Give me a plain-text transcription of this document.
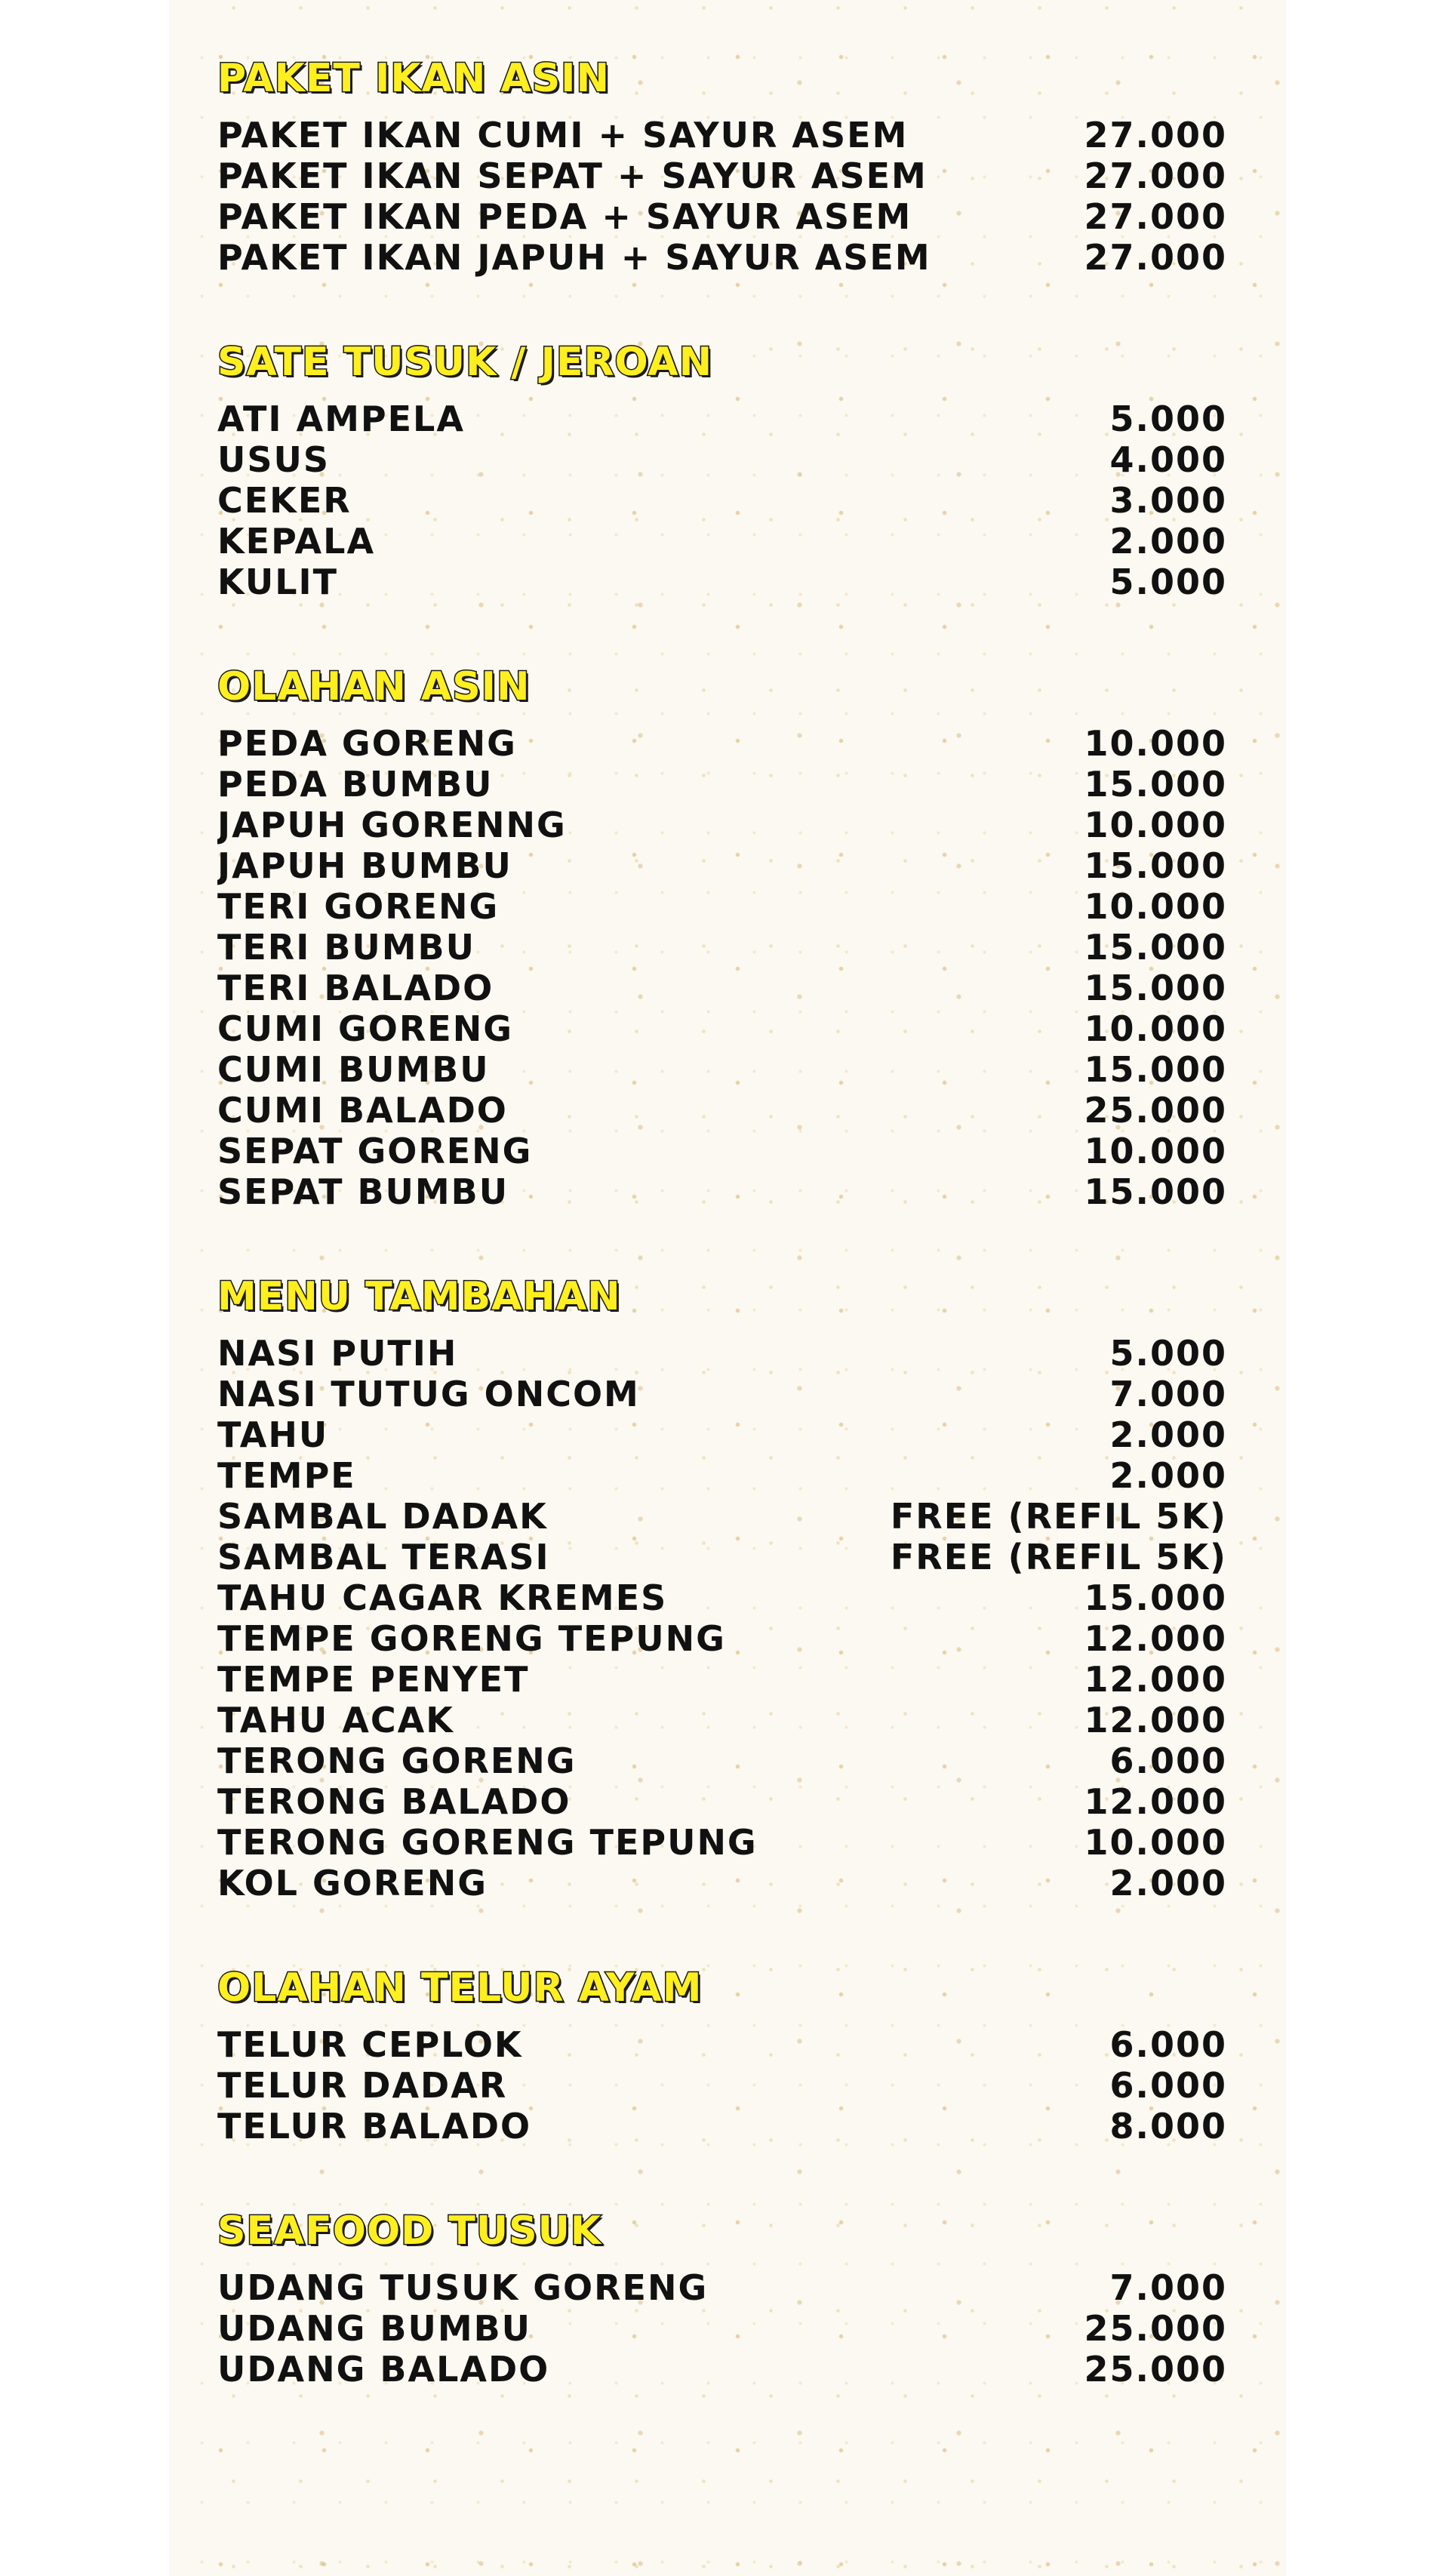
PAKET IKAN ASIN
PAKET IKAN CUMI + SAYUR ASEM	27.000
PAKET IKAN SEPAT + SAYUR ASEM	27.000
PAKET IKAN PEDA + SAYUR ASEM	27.000
PAKET IKAN JAPUH + SAYUR ASEM	27.000
SATE TUSUK / JEROAN
ATI AMPELA	5.000
USUS	4.000
CEKER	3.000
KEPALA	2.000
KULIT	5.000
OLAHAN ASIN
PEDA GORENG	10.000
PEDA BUMBU	15.000
JAPUH GORENNG	10.000
JAPUH BUMBU	15.000
TERI GORENG	10.000
TERI BUMBU	15.000
TERI BALADO	15.000
CUMI GORENG	10.000
CUMI BUMBU	15.000
CUMI BALADO	25.000
SEPAT GORENG	10.000
SEPAT BUMBU	15.000
MENU TAMBAHAN
NASI PUTIH	5.000
NASI TUTUG ONCOM	7.000
TAHU	2.000
TEMPE	2.000
SAMBAL DADAK	FREE (REFIL 5K)
SAMBAL TERASI	FREE (REFIL 5K)
TAHU CAGAR KREMES	15.000
TEMPE GORENG TEPUNG	12.000
TEMPE PENYET	12.000
TAHU ACAK	12.000
TERONG GORENG	6.000
TERONG BALADO	12.000
TERONG GORENG TEPUNG	10.000
KOL GORENG	2.000
OLAHAN TELUR AYAM
TELUR CEPLOK	6.000
TELUR DADAR	6.000
TELUR BALADO	8.000
SEAFOOD TUSUK
UDANG TUSUK GORENG	7.000
UDANG BUMBU	25.000
UDANG BALADO	25.000
